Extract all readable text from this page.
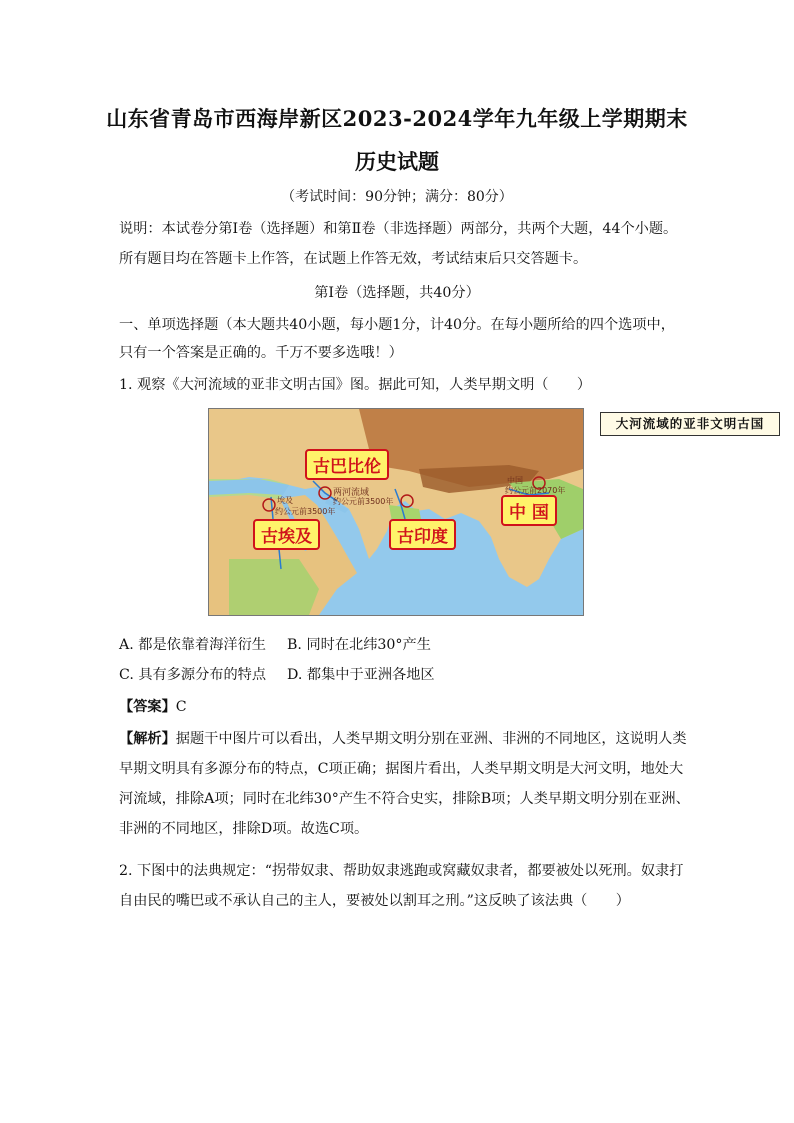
山东省青岛市西海岸新区2023-2024学年九年级上学期期末
历史试题
（考试时间：90分钟；满分：80分）
说明：本试卷分第Ⅰ卷（选择题）和第Ⅱ卷（非选择题）两部分，共两个大题，44个小题。
所有题目均在答题卡上作答，在试题上作答无效，考试结束后只交答题卡。
第Ⅰ卷（选择题，共40分）
一、单项选择题（本大题共40小题，每小题1分，计40分。在每小题所给的四个选项中，
只有一个答案是正确的。千万不要多选哦！）
1. 观察《大河流域的亚非文明古国》图。据此可知，人类早期文明（　　）
大河流域的亚非文明古国
古巴比伦
古埃及	古印度
中 国
埃及
约公元前3500年
两河流域
约公元前3500年
中国
约公元前2070年
A. 都是依靠着海洋衍生 B. 同时在北纬30°产生
C. 具有多源分布的特点 D. 都集中于亚洲各地区
【答案】C
【解析】据题干中图片可以看出，人类早期文明分别在亚洲、非洲的不同地区，这说明人类
早期文明具有多源分布的特点，C项正确；据图片看出，人类早期文明是大河文明，地处大
河流域，排除A项；同时在北纬30°产生不符合史实，排除B项；人类早期文明分别在亚洲、
非洲的不同地区，排除D项。故选C项。
2. 下图中的法典规定：“拐带奴隶、帮助奴隶逃跑或窝藏奴隶者，都要被处以死刑。奴隶打
自由民的嘴巴或不承认自己的主人，要被处以割耳之刑。”这反映了该法典（　　）
